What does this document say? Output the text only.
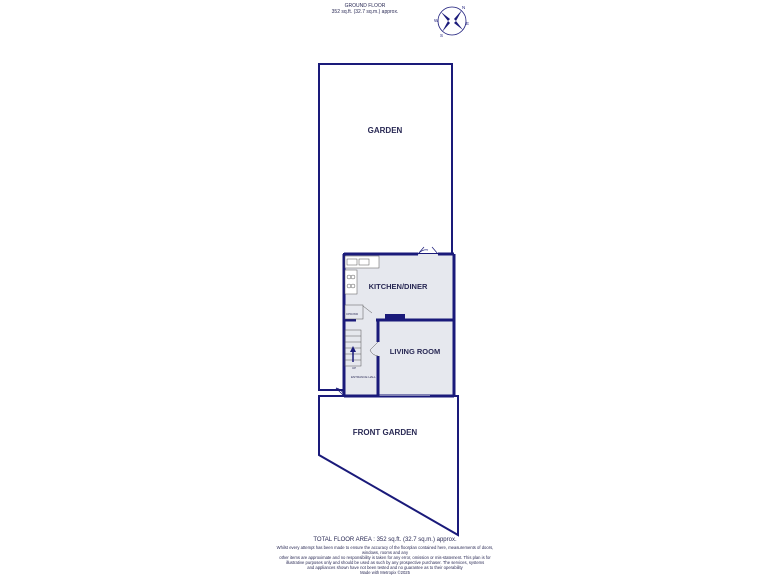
GROUND FLOOR
352 sq.ft. (32.7 sq.m.) approx.
N
E
S
W
GARDEN
KITCHEN/DINER
LIVING ROOM
FRONT GARDEN
CPD/WD
UP
ENTRANCE HALL
TOTAL FLOOR AREA : 352 sq.ft. (32.7 sq.m.) approx.
Whilst every attempt has been made to ensure the accuracy of the floorplan contained here, measurements of doors, windows, rooms and any
other items are approximate and no responsibility is taken for any error, omission or mis-statement. This plan is for
illustrative purposes only and should be used as such by any prospective purchaser. The services, systems
and appliances shown have not been tested and no guarantee as to their operability
Made with Metropix ©2025
